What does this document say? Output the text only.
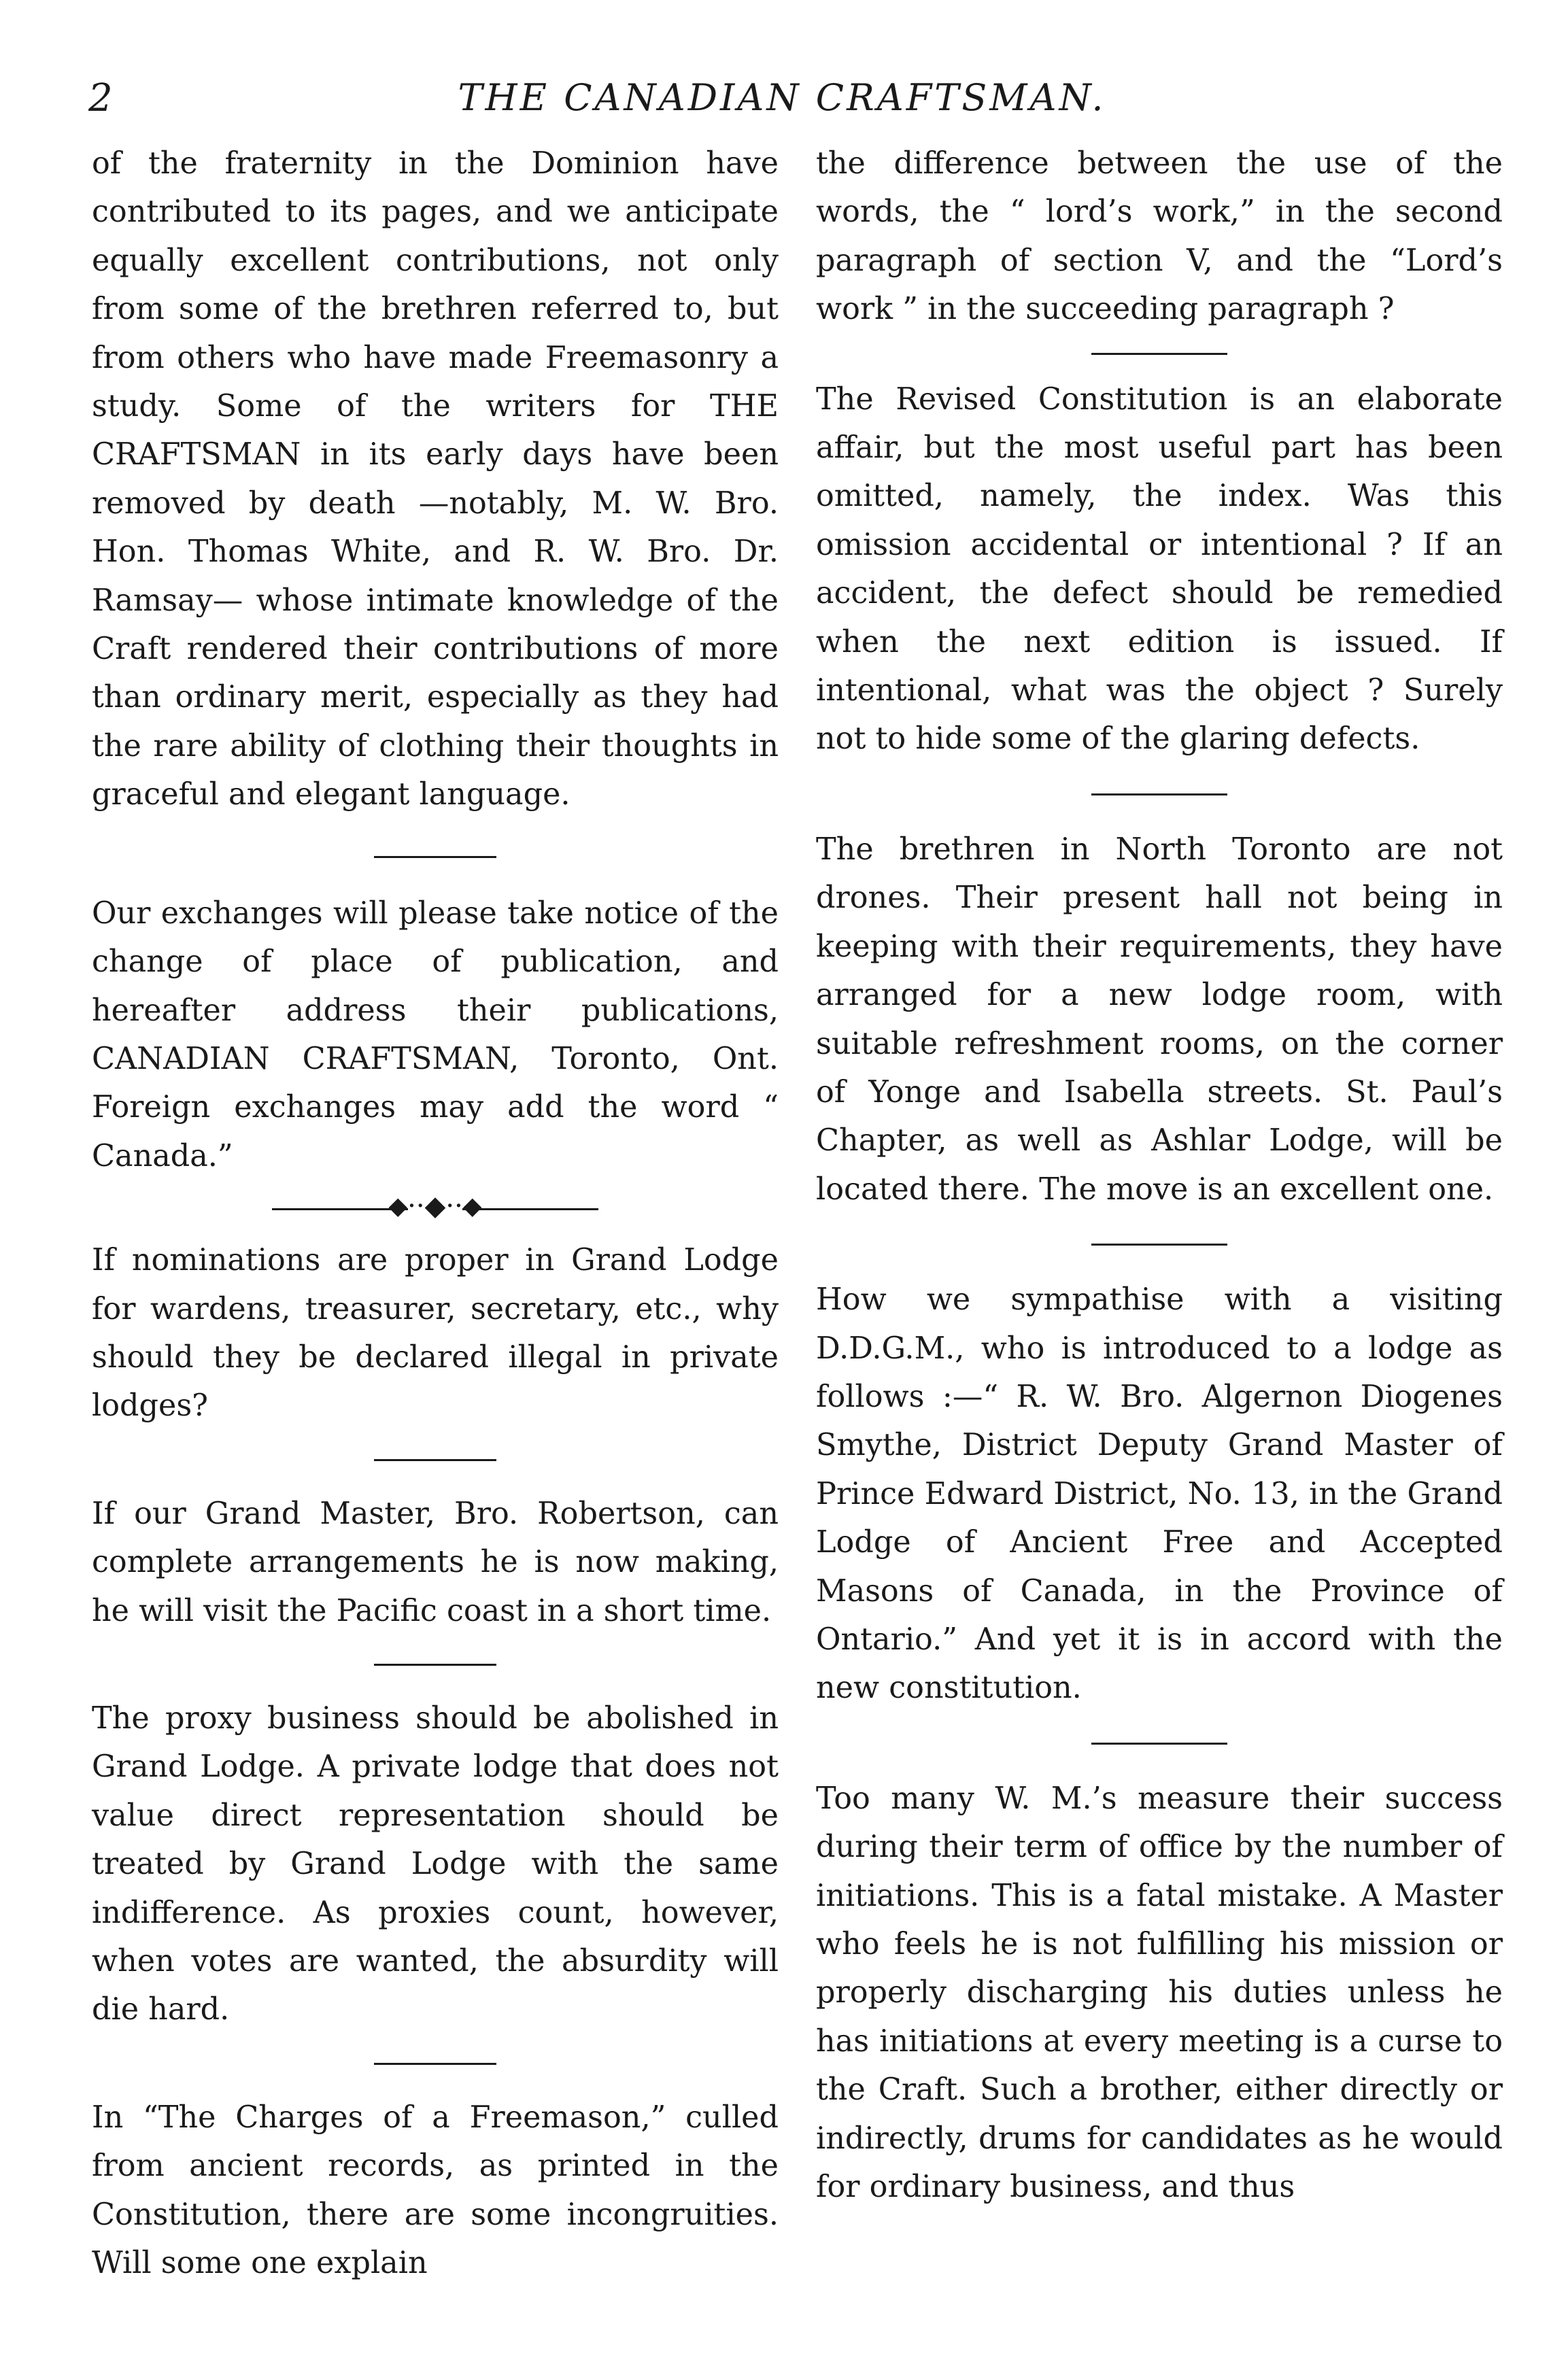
2	THE CANADIAN CRAFTSMAN.

of the fraternity in the Dominion have contributed to its pages, and we anticipate equally excellent contributions, not only from some of the brethren referred to, but from others who have made Freemasonry a study. Some of the writers for THE CRAFTSMAN in its early days have been removed by death —notably, M. W. Bro. Hon. Thomas White, and R. W. Bro. Dr. Ramsay— whose intimate knowledge of the Craft rendered their contributions of more than ordinary merit, especially as they had the rare ability of clothing their thoughts in graceful and elegant language.

Our exchanges will please take notice of the change of place of publication, and hereafter address their publications, CANADIAN CRAFTSMAN, Toronto, Ont. Foreign exchanges may add the word “ Canada.”

⬥··◆··⬥

If nominations are proper in Grand Lodge for wardens, treasurer, secretary, etc., why should they be declared illegal in private lodges?

If our Grand Master, Bro. Robertson, can complete arrangements he is now making, he will visit the Pacific coast in a short time.

The proxy business should be abolished in Grand Lodge. A private lodge that does not value direct representation should be treated by Grand Lodge with the same indifference. As proxies count, however, when votes are wanted, the absurdity will die hard.

In “The Charges of a Freemason,” culled from ancient records, as printed in the Constitution, there are some incongruities. Will some one explain

the difference between the use of the words, the “ lord’s work,” in the second paragraph of section V, and the “Lord’s work ” in the succeeding paragraph ?

The Revised Constitution is an elaborate affair, but the most useful part has been omitted, namely, the index. Was this omission accidental or intentional ? If an accident, the defect should be remedied when the next edition is issued. If intentional, what was the object ? Surely not to hide some of the glaring defects.

The brethren in North Toronto are not drones. Their present hall not being in keeping with their requirements, they have arranged for a new lodge room, with suitable refreshment rooms, on the corner of Yonge and Isabella streets. St. Paul’s Chapter, as well as Ashlar Lodge, will be located there. The move is an excellent one.

How we sympathise with a visiting D.D.G.M., who is introduced to a lodge as follows :—“ R. W. Bro. Algernon Diogenes Smythe, District Deputy Grand Master of Prince Edward District, No. 13, in the Grand Lodge of Ancient Free and Accepted Masons of Canada, in the Province of Ontario.” And yet it is in accord with the new constitution.

Too many W. M.’s measure their success during their term of office by the number of initiations. This is a fatal mistake. A Master who feels he is not fulfilling his mission or properly discharging his duties unless he has initiations at every meeting is a curse to the Craft. Such a brother, either directly or indirectly, drums for candidates as he would for ordinary business, and thus
